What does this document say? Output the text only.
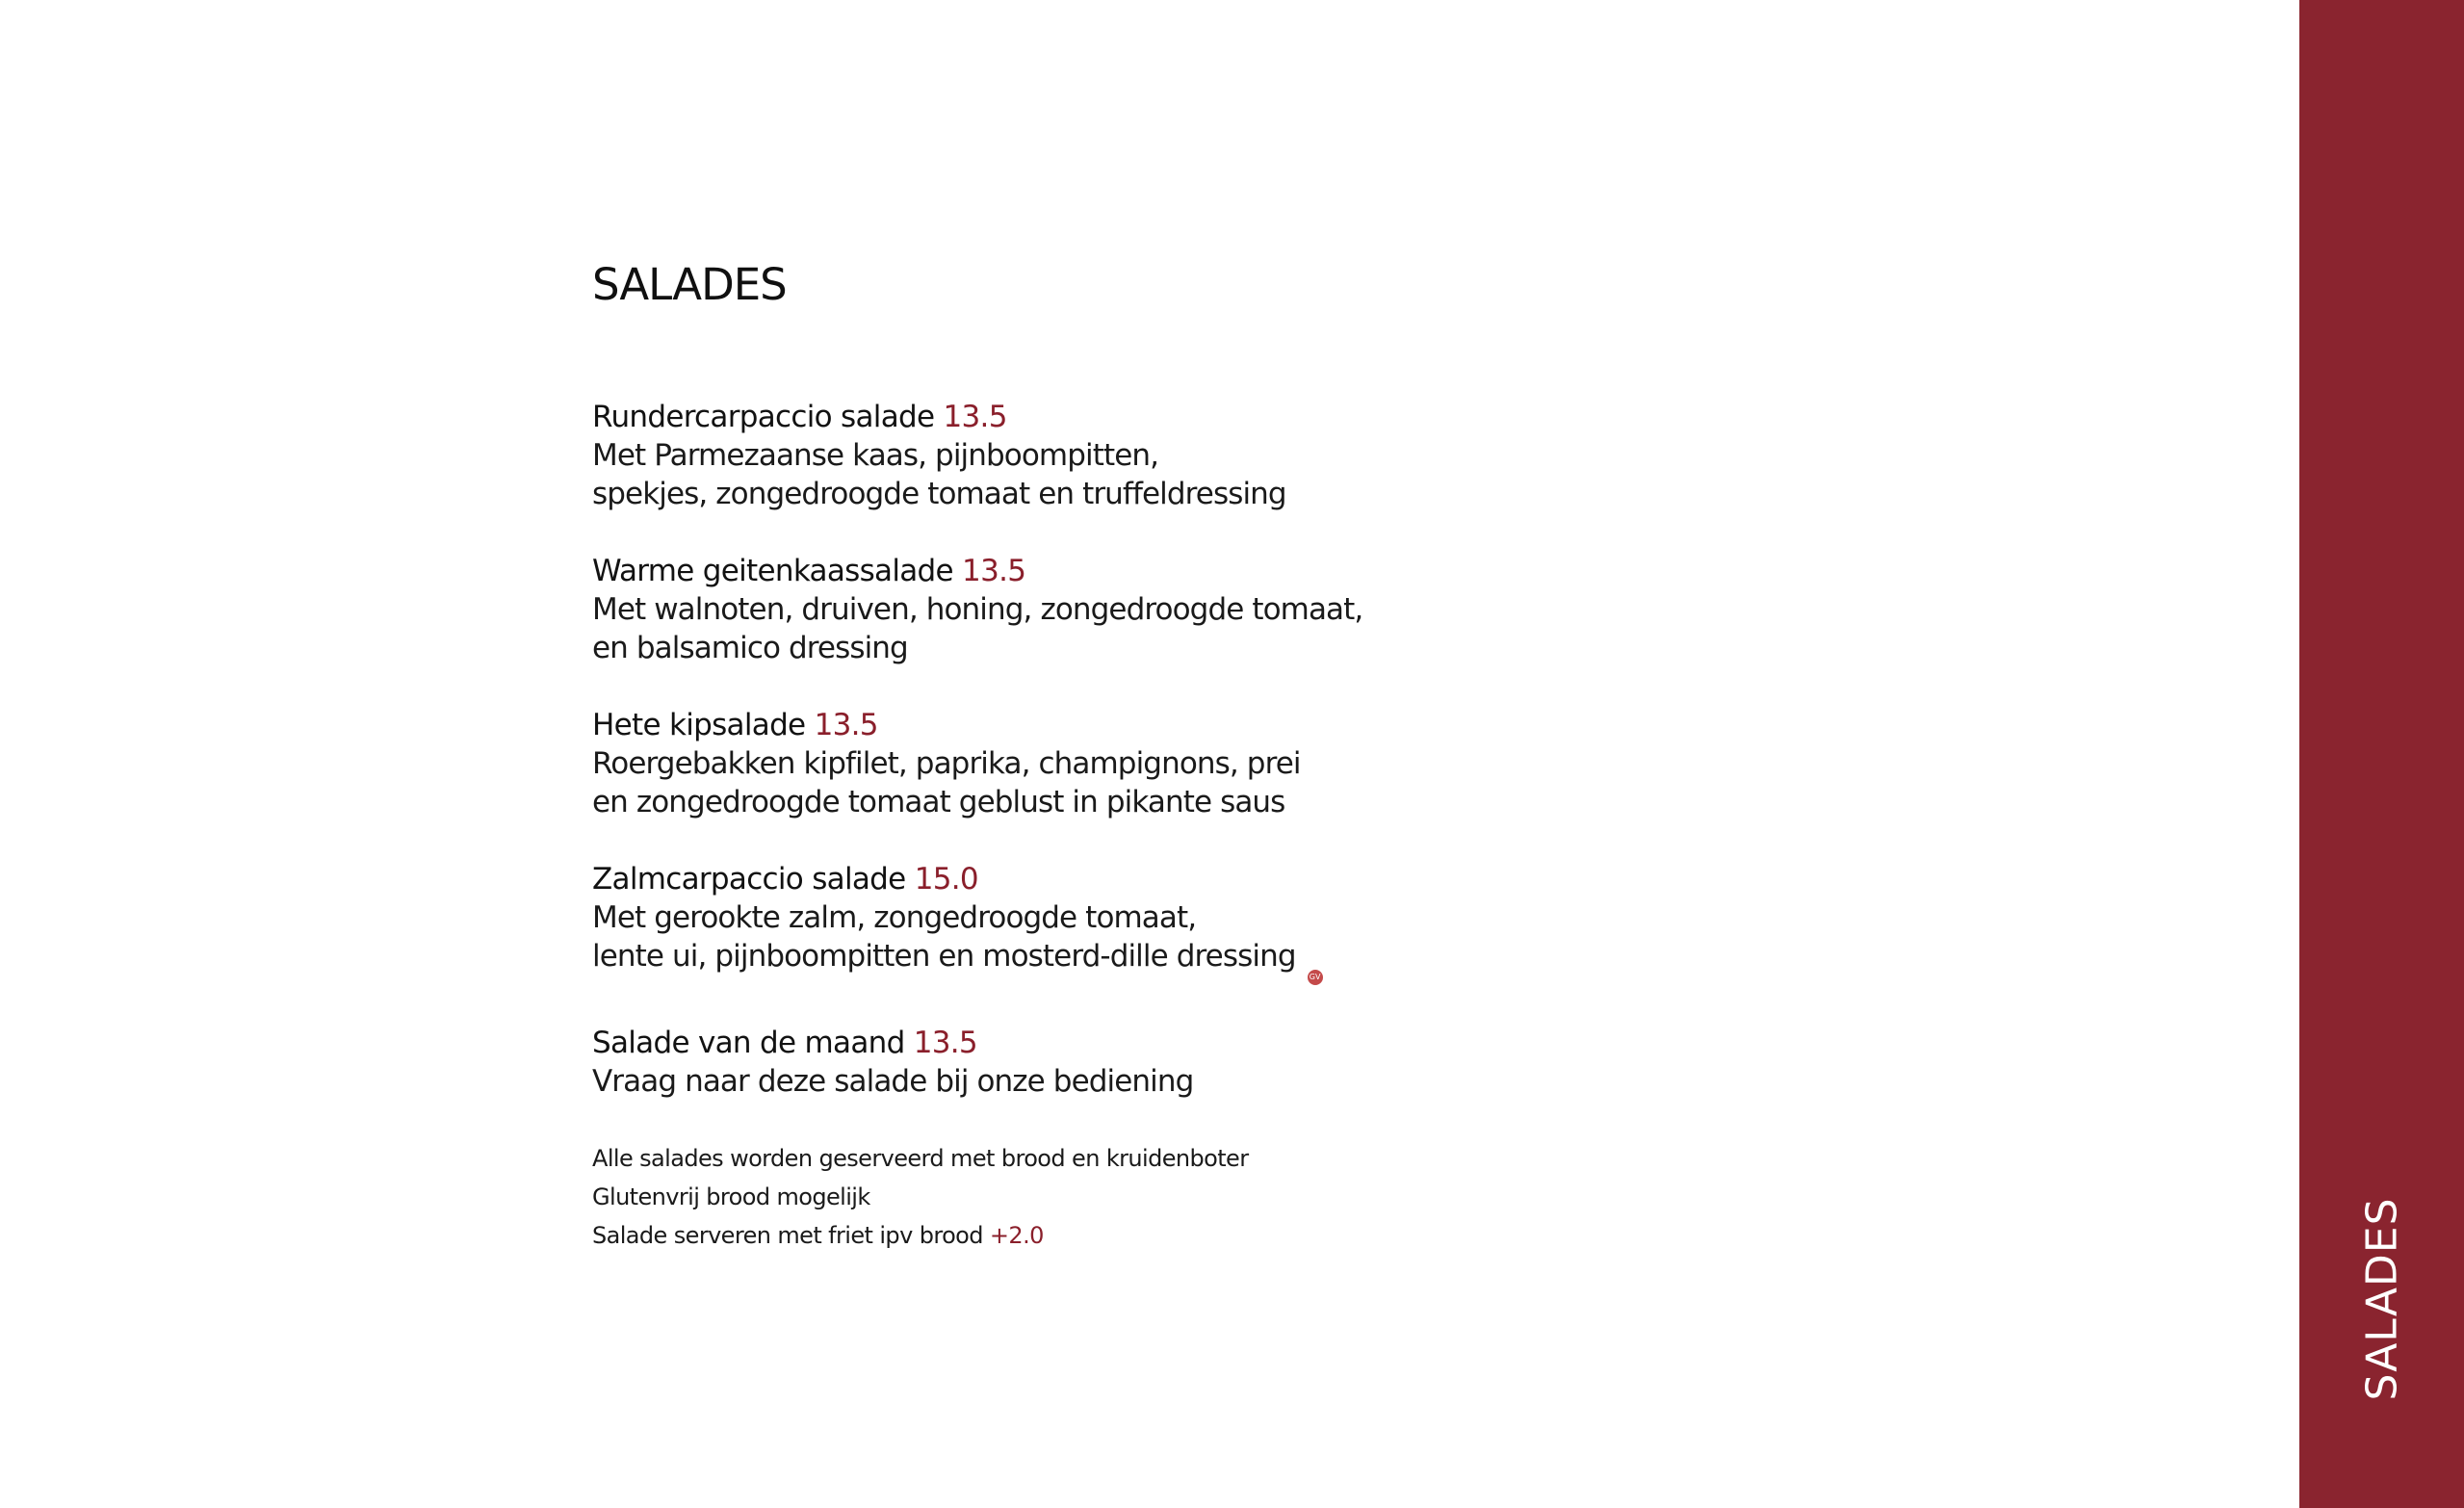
SALADES
Rundercarpaccio salade 13.5
Met Parmezaanse kaas, pijnboompitten,
spekjes, zongedroogde tomaat en truffeldressing
Warme geitenkaassalade 13.5
Met walnoten, druiven, honing, zongedroogde tomaat,
en balsamico dressing
Hete kipsalade 13.5
Roergebakken kipfilet, paprika, champignons, prei
en zongedroogde tomaat geblust in pikante saus
Zalmcarpaccio salade 15.0
Met gerookte zalm, zongedroogde tomaat,
lente ui, pijnboompitten en mosterd-dille dressingGV
Salade van de maand 13.5
Vraag naar deze salade bij onze bediening
Alle salades worden geserveerd met brood en kruidenboter
Glutenvrij brood mogelijk
Salade serveren met friet ipv brood +2.0	SALADES
